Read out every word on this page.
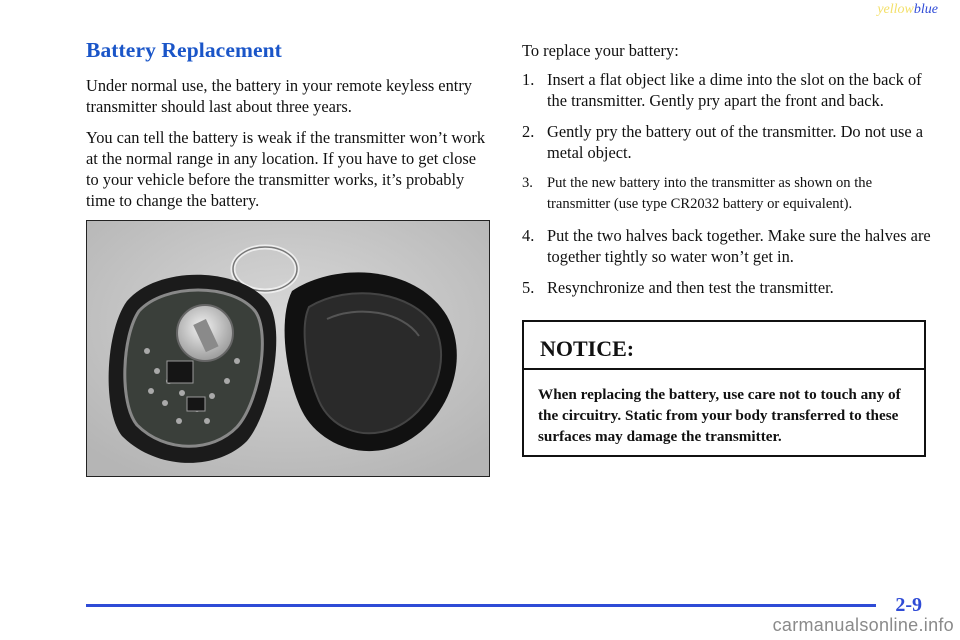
yellowblue
Battery Replacement

Under normal use, the battery in your remote keyless entry transmitter should last about three years.

You can tell the battery is weak if the transmitter won’t work at the normal range in any location. If you have to get close to your vehicle before the transmitter works, it’s probably time to change the battery.

To replace your battery:

1. Insert a flat object like a dime into the slot on the back of the transmitter. Gently pry apart the front and back.
2. Gently pry the battery out of the transmitter. Do not use a metal object.
3. Put the new battery into the transmitter as shown on the transmitter (use type CR2032 battery or equivalent).
4. Put the two halves back together. Make sure the halves are together tightly so water won’t get in.
5. Resynchronize and then test the transmitter.
NOTICE:
When replacing the battery, use care not to touch any of the circuitry. Static from your body transferred to these surfaces may damage the transmitter.
2-9
carmanualsonline.info
